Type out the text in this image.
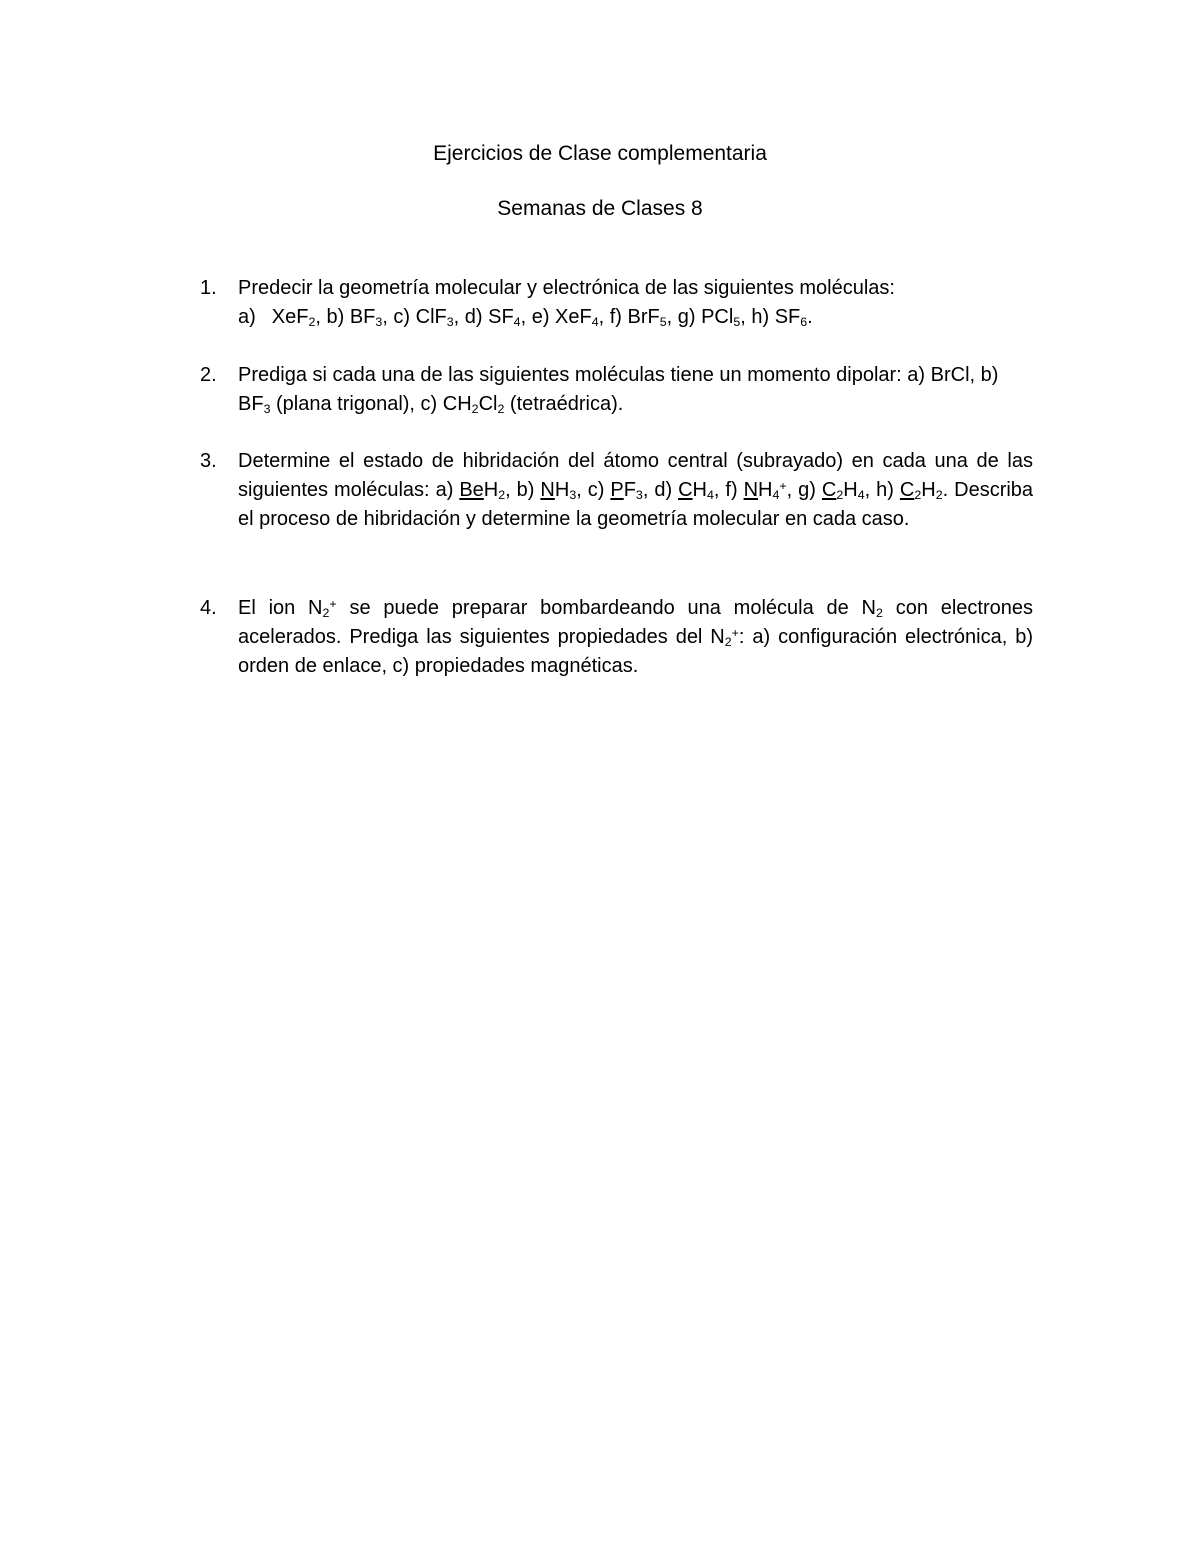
Ejercicios de Clase complementaria
Semanas de Clases 8
1. Predecir la geometría molecular y electrónica de las siguientes moléculas:
a) XeF$_2$, b) $BF_3$, c) ClF$_3$, d) $SF_4$, e) XeF$_4$, f) BrF$_5$, g) PCl$_5$, h) $SF_6$.
2. Prediga si cada una de las siguientes moléculas tiene un momento dipolar: a) BrCl, b) $BF_3$ (plana trigonal), c) $CH_2Cl_2$ (tetraédrica).
3. Determine el estado de hibridación del átomo central (subrayado) en cada una de las siguientes moléculas: a) BeH$_2$, b) $NH_3$, c) $PF_3$, d) $CH_4$, f) $NH_4^+$, g) $C_2H_4$, h) $C_2H_2$. Describa el proceso de hibridación y determine la geometría molecular en cada caso.
4. El ion $N_2^+$ se puede preparar bombardeando una molécula de $N_2$ con electrones acelerados. Prediga las siguientes propiedades del $N_2^+$: a) configuración electrónica, b) orden de enlace, c) propiedades magnéticas.
